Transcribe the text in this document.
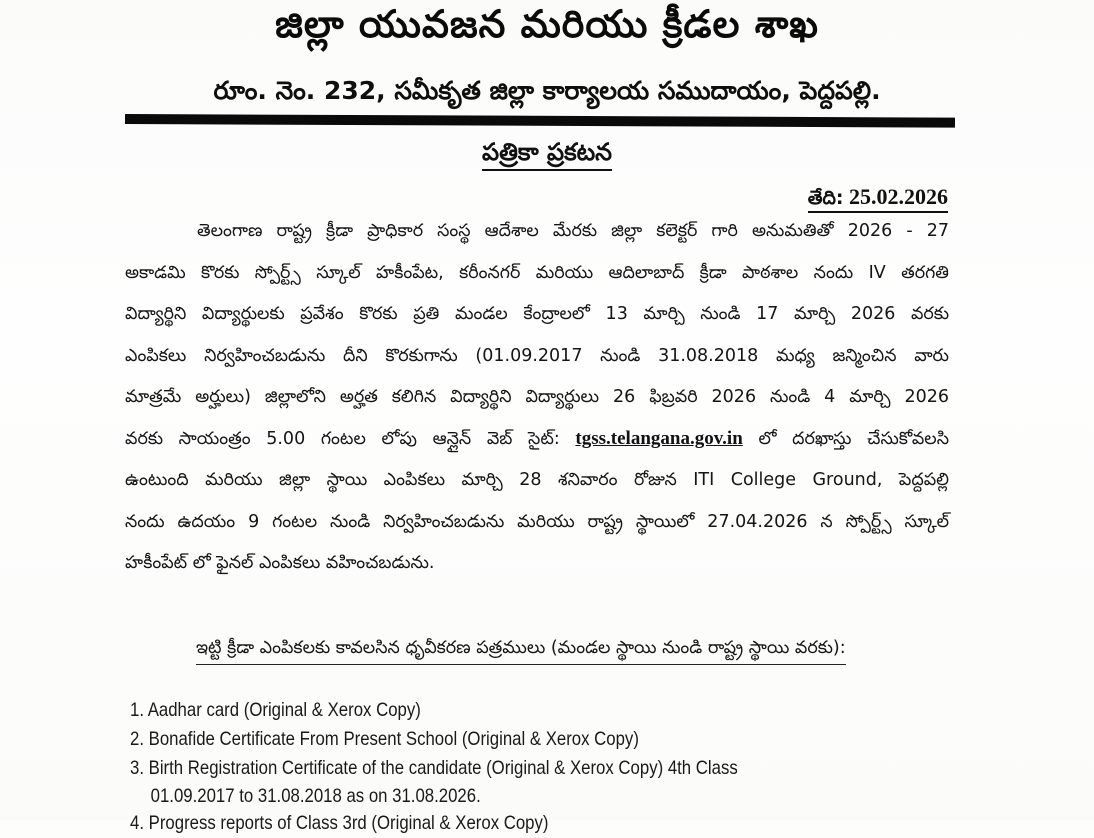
జిల్లా యువజన మరియు క్రీడల శాఖ
రూం. నెం. 232, సమీకృత జిల్లా కార్యాలయ సముదాయం, పెద్దపల్లి.
పత్రికా ప్రకటన
తేది: 25.02.2026
తెలంగాణ రాష్ట్ర క్రీడా ప్రాధికార సంస్థ ఆదేశాల మేరకు జిల్లా కలెక్టర్ గారి అనుమతితో 2026 - 27
అకాడమి కొరకు స్పోర్ట్స్ స్కూల్ హకీంపేట, కరీంనగర్ మరియు ఆదిలాబాద్ క్రీడా పాఠశాల నందు IV తరగతి
విద్యార్థిని విద్యార్థులకు ప్రవేశం కొరకు ప్రతి మండల కేంద్రాలలో 13 మార్చి నుండి 17 మార్చి 2026 వరకు
ఎంపికలు నిర్వహించబడును దీని కొరకుగాను (01.09.2017 నుండి 31.08.2018 మధ్య జన్మించిన వారు
మాత్రమే అర్హులు) జిల్లాలోని అర్హత కలిగిన విద్యార్థిని విద్యార్థులు 26 ఫిబ్రవరి 2026 నుండి 4 మార్చి 2026
వరకు సాయంత్రం 5.00 గంటల లోపు ఆన్లైన్ వెబ్ సైట్: tgss.telangana.gov.in లో దరఖాస్తు చేసుకోవలసి
ఉంటుంది మరియు జిల్లా స్థాయి ఎంపికలు మార్చి 28 శనివారం రోజున ITI College Ground, పెద్దపల్లి
నందు ఉదయం 9 గంటల నుండి నిర్వహించబడును మరియు రాష్ట్ర స్థాయిలో 27.04.2026 న స్పోర్ట్స్ స్కూల్
హకీంపేట్ లో ఫైనల్ ఎంపికలు వహించబడును.
ఇట్టి క్రీడా ఎంపికలకు కావలసిన ధృవీకరణ పత్రములు (మండల స్థాయి నుండి రాష్ట్ర స్థాయి వరకు):
1. Aadhar card (Original & Xerox Copy)
2. Bonafide Certificate From Present School (Original & Xerox Copy)
3. Birth Registration Certificate of the candidate (Original & Xerox Copy) 4th Class
01.09.2017 to 31.08.2018 as on 31.08.2026.
4. Progress reports of Class 3rd (Original & Xerox Copy)
